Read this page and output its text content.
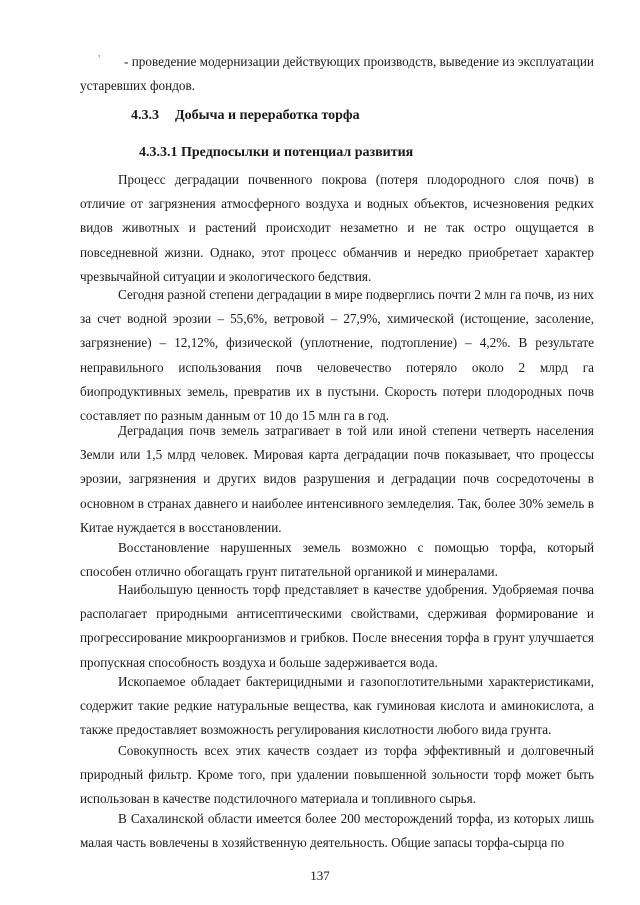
,

- проведение модернизации действующих производств, выведение из эксплуатации устаревших фондов.

4.3.3 Добыча и переработка торфа
4.3.3.1 Предпосылки и потенциал развития

Процесс деградации почвенного покрова (потеря плодородного слоя почв) в отличие от загрязнения атмосферного воздуха и водных объектов, исчезновения редких видов животных и растений происходит незаметно и не так остро ощущается в повседневной жизни. Однако, этот процесс обманчив и нередко приобретает характер чрезвычайной ситуации и экологического бедствия.

Сегодня разной степени деградации в мире подверглись почти 2 млн га почв, из них за счет водной эрозии – 55,6%, ветровой – 27,9%, химической (истощение, засоление, загрязнение) – 12,12%, физической (уплотнение, подтопление) – 4,2%. В результате неправильного использования почв человечество потеряло около 2 млрд га биопродуктивных земель, превратив их в пустыни. Скорость потери плодородных почв составляет по разным данным от 10 до 15 млн га в год.

Деградация почв земель затрагивает в той или иной степени четверть населения Земли или 1,5 млрд человек. Мировая карта деградации почв показывает, что процессы эрозии, загрязнения и других видов разрушения и деградации почв сосредоточены в основном в странах давнего и наиболее интенсивного земледелия. Так, более 30% земель в Китае нуждается в восстановлении.

Восстановление нарушенных земель возможно с помощью торфа, который способен отлично обогащать грунт питательной органикой и минералами.

Наибольшую ценность торф представляет в качестве удобрения. Удобряемая почва располагает природными антисептическими свойствами, сдерживая формирование и прогрессирование микроорганизмов и грибков. После внесения торфа в грунт улучшается пропускная способность воздуха и больше задерживается вода.

Ископаемое обладает бактерицидными и газопоглотительными характеристиками, содержит такие редкие натуральные вещества, как гуминовая кислота и аминокислота, а также предоставляет возможность регулирования кислотности любого вида грунта.

Совокупность всех этих качеств создает из торфа эффективный и долговечный природный фильтр. Кроме того, при удалении повышенной зольности торф может быть использован в качестве подстилочного материала и топливного сырья.

В Сахалинской области имеется более 200 месторождений торфа, из которых лишь малая часть вовлечены в хозяйственную деятельность. Общие запасы торфа-сырца по

137
